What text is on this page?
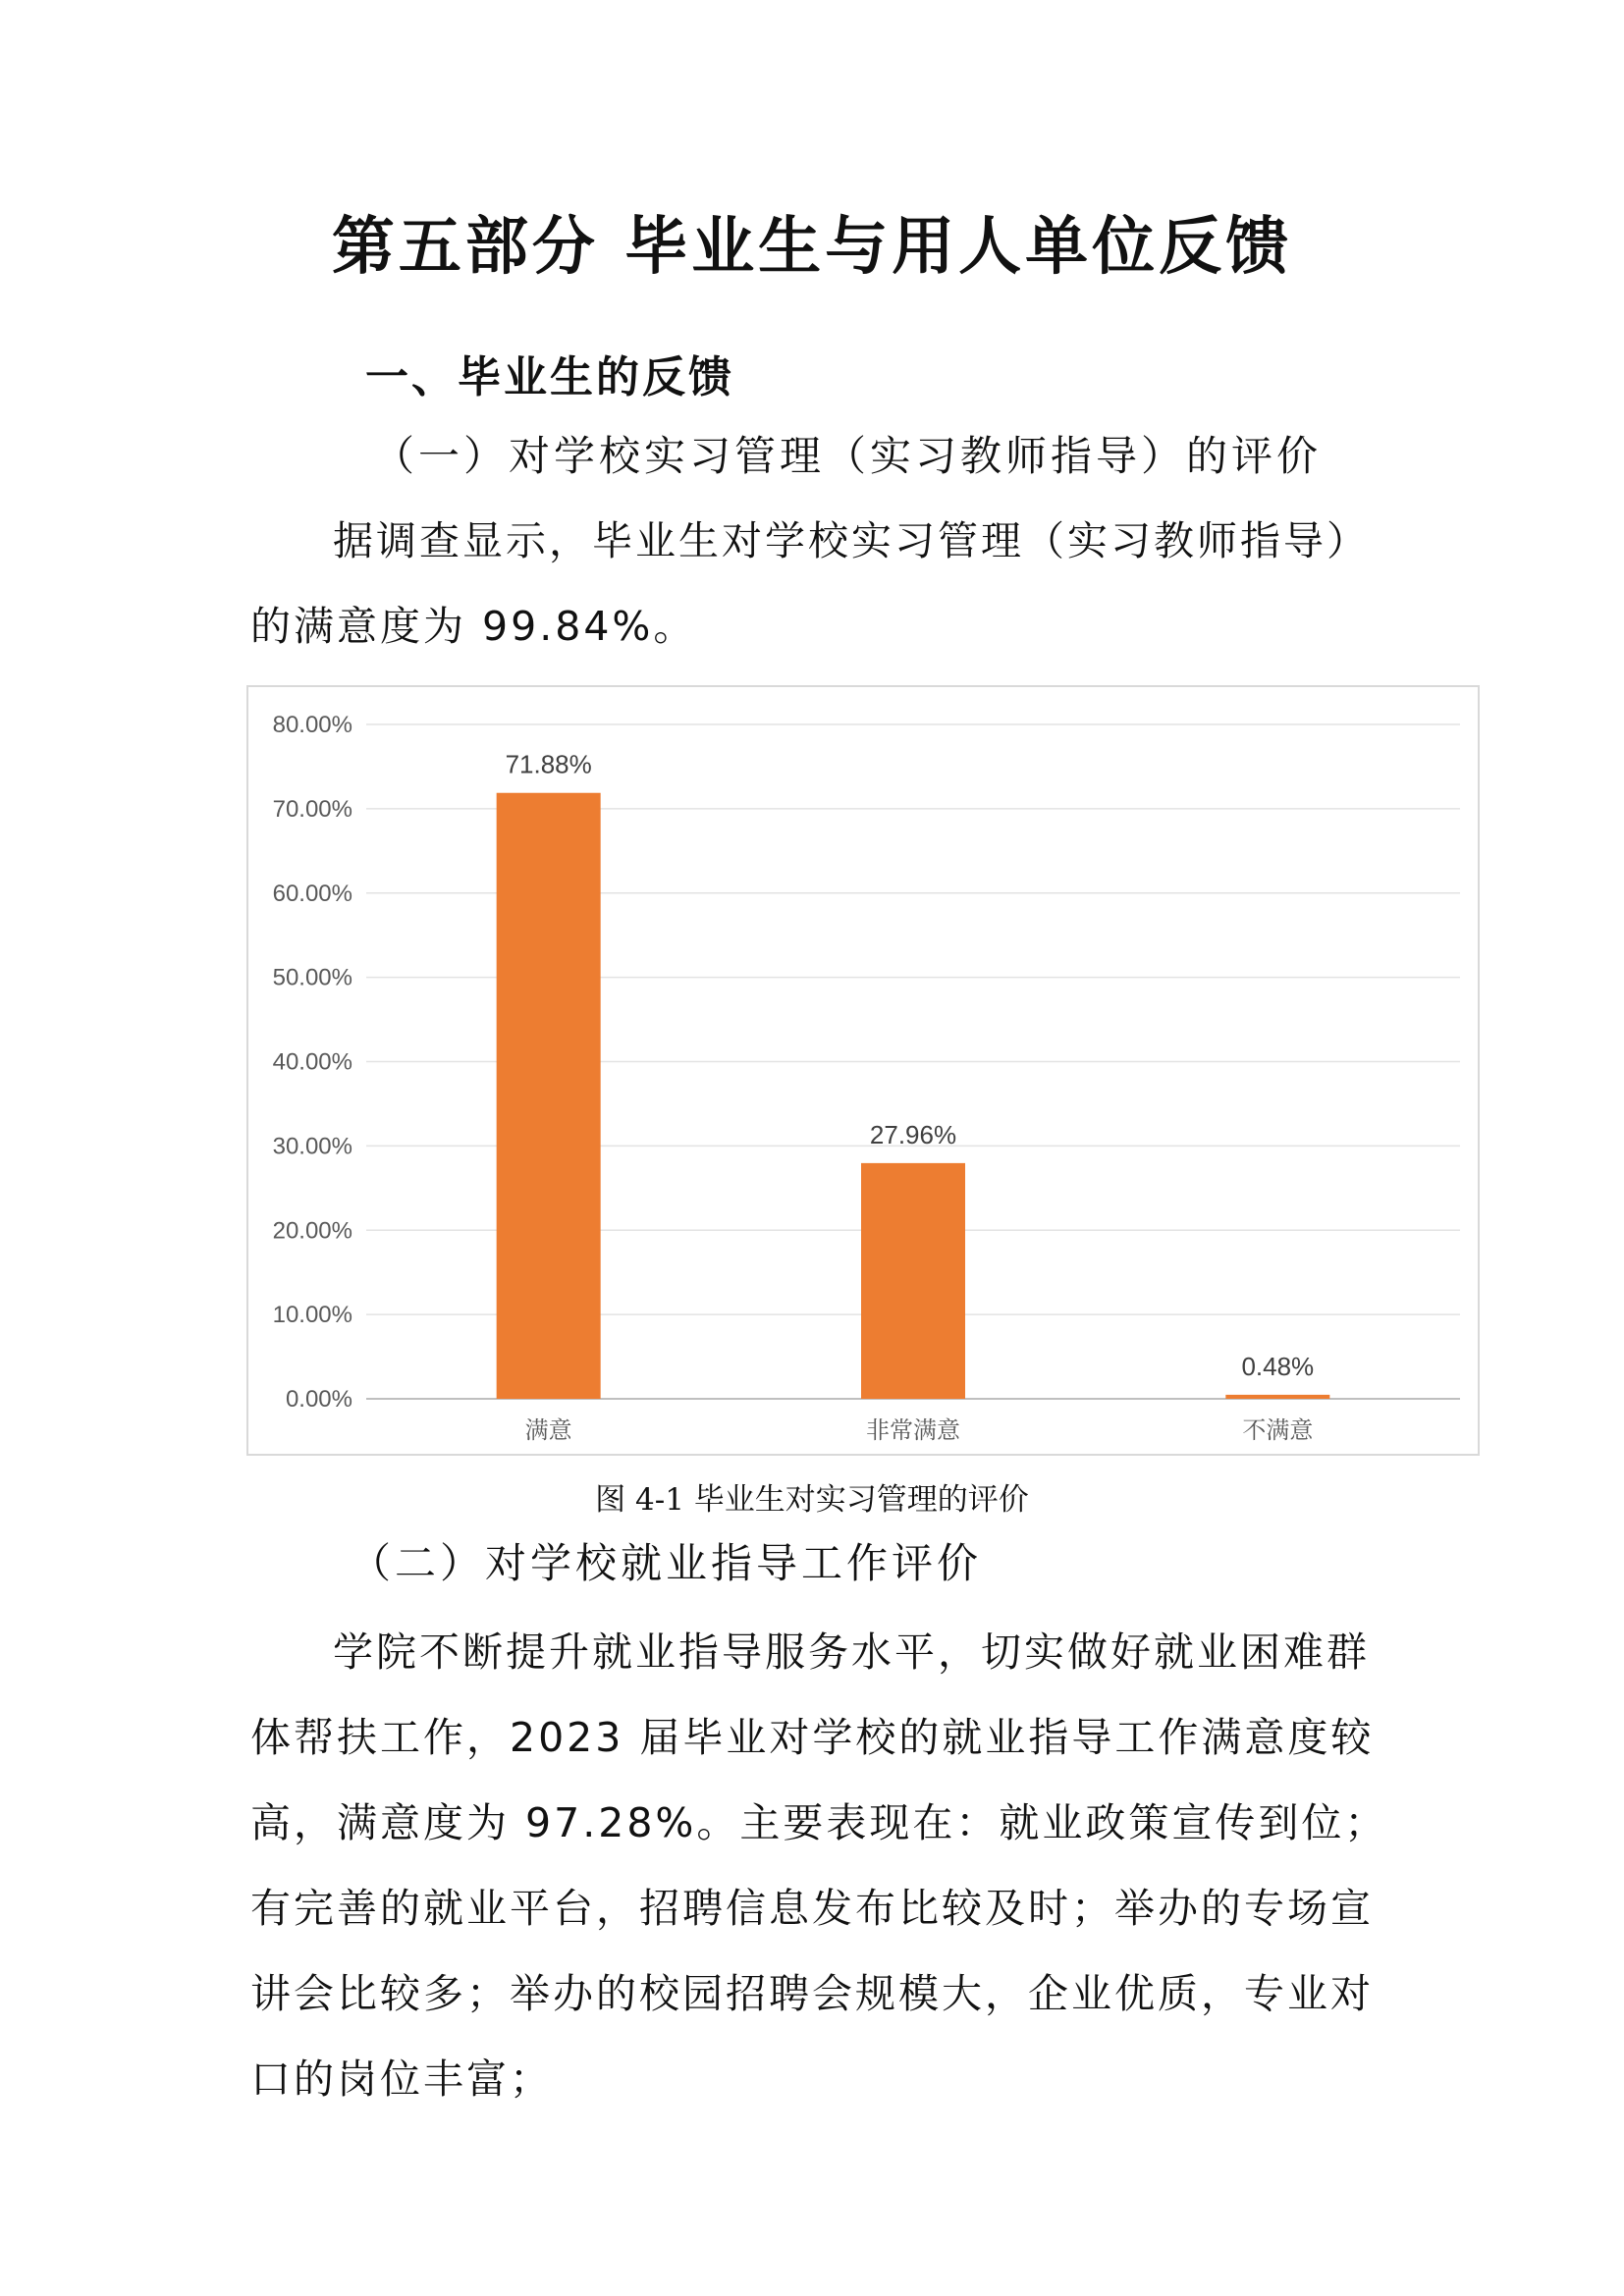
第五部分 毕业生与用人单位反馈
一、毕业生的反馈
（一）对学校实习管理（实习教师指导）的评价

据调查显示，毕业生对学校实习管理（实习教师指导）的满意度为 99.84%。

0.00%
10.00%
20.00%
30.00%
40.00%
50.00%
60.00%
70.00%
80.00%
71.88%
满意
27.96%
非常满意
0.48%
不满意
图 4-1 毕业生对实习管理的评价
（二）对学校就业指导工作评价

学院不断提升就业指导服务水平，切实做好就业困难群体帮扶工作，2023 届毕业对学校的就业指导工作满意度较高，满意度为 97.28%。主要表现在：就业政策宣传到位；有完善的就业平台，招聘信息发布比较及时；举办的专场宣讲会比较多；举办的校园招聘会规模大，企业优质，专业对口的岗位丰富；
